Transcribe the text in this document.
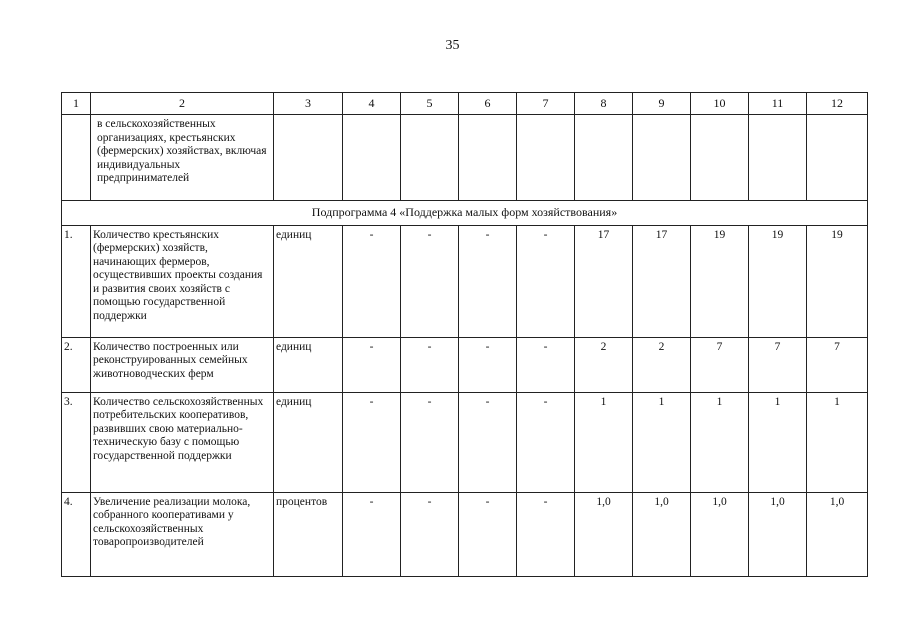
35
1	2	3	4	5	6	7	8	9	10	11	12
	в сельскохозяйственных организациях, крестьянских (фермерских) хозяйствах, включая индивидуальных предпринимателей										
Подпрограмма 4 «Поддержка малых форм хозяйствования»											
1.	Количество крестьянских (фермерских) хозяйств, начинающих фермеров, осуществивших проекты создания и развития своих хозяйств с помощью государственной поддержки	единиц	-	-	-	-	17	17	19	19	19
2.	Количество построенных или реконструированных семейных животноводческих ферм	единиц	-	-	-	-	2	2	7	7	7
3.	Количество сельскохозяйственных потребительских кооперативов, развивших свою материально-техническую базу с помощью государственной поддержки	единиц	-	-	-	-	1	1	1	1	1
4.	Увеличение реализации молока, собранного кооперативами у сельскохозяйственных товаропроизводителей	процентов	-	-	-	-	1,0	1,0	1,0	1,0	1,0
